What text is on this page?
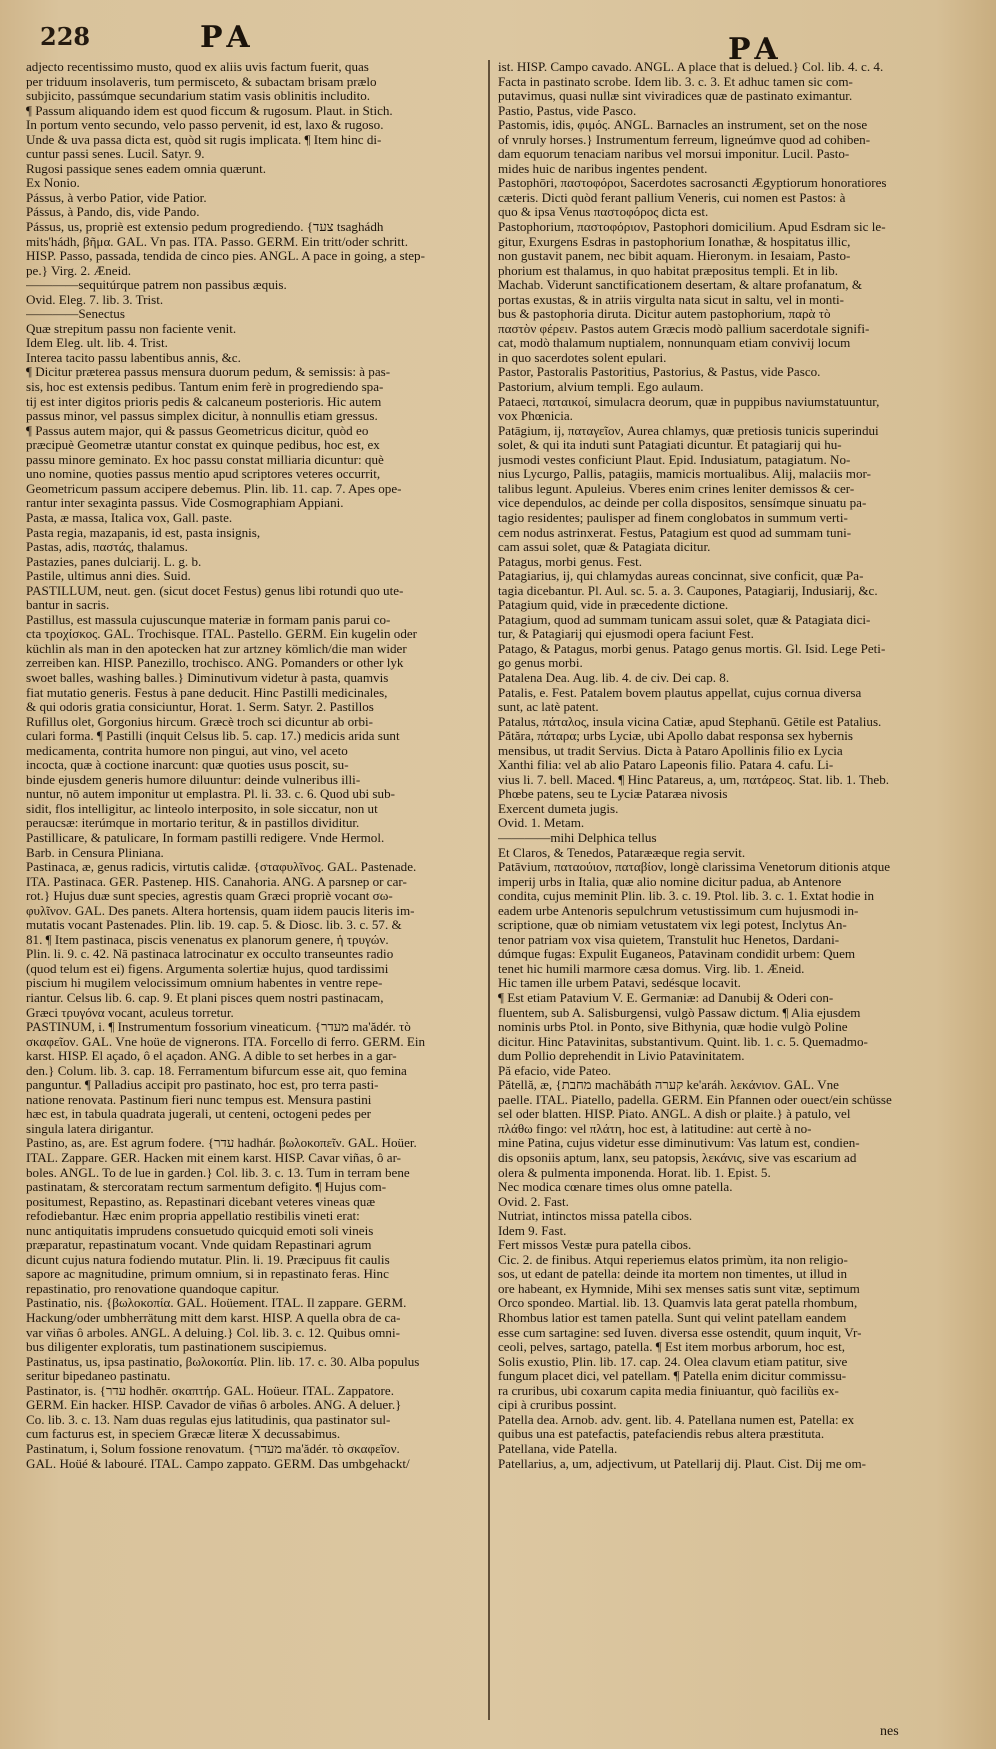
228	PA	PA
adjecto recentissimo musto, quod ex aliis uvis factum fuerit, quas
per triduum insolaveris, tum permisceto, & subactam brisam prælo
subjicito, passúmque secundarium statim vasis oblinitis includito.
¶ Passum aliquando idem est quod ficcum & rugosum. Plaut. in Stich.
In portum vento secundo, velo passo pervenit, id est, laxo & rugoso.
Unde & uva passa dicta est, quòd sit rugis implicata. ¶ Item hinc di-
cuntur passi senes. Lucil. Satyr. 9.
Rugosi passique senes eadem omnia quærunt.
Ex Nonio.
Pássus, à verbo Patior, vide Patior.
Pássus, à Pando, dis, vide Pando.
Pássus, us, propriè est extensio pedum progrediendo. {צעד tsaghádh
mits'hádh, βῆμα. GAL. Vn pas. ITA. Passo. GERM. Ein tritt/oder schritt.
HISP. Passo, passada, tendida de cinco pies. ANGL. A pace in going, a step-
pe.} Virg. 2. Æneid.
————sequitúrque patrem non passibus æquis.
Ovid. Eleg. 7. lib. 3. Trist.
————Senectus
Quæ strepitum passu non faciente venit.
Idem Eleg. ult. lib. 4. Trist.
Interea tacito passu labentibus annis, &c.
¶ Dicitur præterea passus mensura duorum pedum, & semissis: à pas-
sis, hoc est extensis pedibus. Tantum enim ferè in progrediendo spa-
tij est inter digitos prioris pedis & calcaneum posterioris. Hic autem
passus minor, vel passus simplex dicitur, à nonnullis etiam gressus.
¶ Passus autem major, qui & passus Geometricus dicitur, quòd eo
præcipuè Geometræ utantur constat ex quinque pedibus, hoc est, ex
passu minore geminato. Ex hoc passu constat milliaria dicuntur: què
uno nomine, quoties passus mentio apud scriptores veteres occurrit,
Geometricum passum accipere debemus. Plin. lib. 11. cap. 7. Apes ope-
rantur inter sexaginta passus. Vide Cosmographiam Appiani.
Pasta, æ massa, Italica vox, Gall. paste.
Pasta regia, mazapanis, id est, pasta insignis,
Pastas, adis, παστάς, thalamus.
Pastazies, panes dulciarij. L. g. b.
Pastile, ultimus anni dies. Suid.
PASTILLUM, neut. gen. (sicut docet Festus) genus libi rotundi quo ute-
bantur in sacris.
Pastillus, est massula cujuscunque materiæ in formam panis parui co-
cta τροχίσκος. GAL. Trochisque. ITAL. Pastello. GERM. Ein kugelin oder
küchlin als man in den apotecken hat zur artzney kömlich/die man wider
zerreiben kan. HISP. Panezillo, trochisco. ANG. Pomanders or other lyk
swoet balles, washing balles.} Diminutivum videtur à pasta, quamvis
fiat mutatio generis. Festus à pane deducit. Hinc Pastilli medicinales,
& qui odoris gratia consiciuntur, Horat. 1. Serm. Satyr. 2. Pastillos
Rufillus olet, Gorgonius hircum. Græcè troch sci dicuntur ab orbi-
culari forma. ¶ Pastilli (inquit Celsus lib. 5. cap. 17.) medicis arida sunt
medicamenta, contrita humore non pingui, aut vino, vel aceto
incocta, quæ à coctione inarcunt: quæ quoties usus poscit, su-
binde ejusdem generis humore diluuntur: deinde vulneribus illi-
nuntur, nō autem imponitur ut emplastra. Pl. li. 33. c. 6. Quod ubi sub-
sidit, flos intelligitur, ac linteolo interposito, in sole siccatur, non ut
peraucsæ: iterúmque in mortario teritur, & in pastillos dividitur.
Pastillicare, & patulicare, In formam pastilli redigere. Vnde Hermol.
Barb. in Censura Pliniana.
Pastinaca, æ, genus radicis, virtutis calidæ. {σταφυλῖνος. GAL. Pastenade.
ITA. Pastinaca. GER. Pastenep. HIS. Canahoria. ANG. A parsnep or car-
rot.} Hujus duæ sunt species, agrestis quam Græci propriè vocant σω-
φυλῖνον. GAL. Des panets. Altera hortensis, quam iidem paucis literis im-
mutatis vocant Pastenades. Plin. lib. 19. cap. 5. & Diosc. lib. 3. c. 57. &
81. ¶ Item pastinaca, piscis venenatus ex planorum genere, ἡ τρυγών.
Plin. li. 9. c. 42. Nā pastinaca latrocinatur ex occulto transeuntes radio
(quod telum est ei) figens. Argumenta solertiæ hujus, quod tardissimi
piscium hi mugilem velocissimum omnium habentes in ventre repe-
riantur. Celsus lib. 6. cap. 9. Et plani pisces quem nostri pastinacam,
Græci τρυγόνα vocant, aculeus torretur.
PASTINUM, i. ¶ Instrumentum fossorium vineaticum. {מעדר ma'ădér. τὸ
σκαφεῖον. GAL. Vne hoüe de vignerons. ITA. Forcello di ferro. GERM. Ein
karst. HISP. El açado, ô el açadon. ANG. A dible to set herbes in a gar-
den.} Colum. lib. 3. cap. 18. Ferramentum bifurcum esse ait, quo femina
panguntur. ¶ Palladius accipit pro pastinato, hoc est, pro terra pasti-
natione renovata. Pastinum fieri nunc tempus est. Mensura pastini
hæc est, in tabula quadrata jugerali, ut centeni, octogeni pedes per
singula latera dirigantur.
Pastino, as, are. Est agrum fodere. {עדר hadhár. βωλοκοπεῖν. GAL. Hoüer.
ITAL. Zappare. GER. Hacken mit einem karst. HISP. Cavar viñas, ô ar-
boles. ANGL. To de lue in garden.} Col. lib. 3. c. 13. Tum in terram bene
pastinatam, & stercoratam rectum sarmentum defigito. ¶ Hujus com-
positumest, Repastino, as. Repastinari dicebant veteres vineas quæ
refodiebantur. Hæc enim propria appellatio restibilis vineti erat:
nunc antiquitatis imprudens consuetudo quicquid emoti soli vineis
præparatur, repastinatum vocant. Vnde quidam Repastinari agrum
dicunt cujus natura fodiendo mutatur. Plin. li. 19. Præcipuus fit caulis
sapore ac magnitudine, primum omnium, si in repastinato feras. Hinc
repastinatio, pro renovatione quandoque capitur.
Pastinatio, nis. {βωλοκοπία. GAL. Hoüement. ITAL. Il zappare. GERM.
Hackung/oder umbherrätung mitt dem karst. HISP. A quella obra de ca-
var viñas ô arboles. ANGL. A deluing.} Col. lib. 3. c. 12. Quibus omni-
bus diligenter exploratis, tum pastinationem suscipiemus.
Pastinatus, us, ipsa pastinatio, βωλοκοπία. Plin. lib. 17. c. 30. Alba populus
seritur bipedaneo pastinatu.
Pastinator, is. {עדר hodhēr. σκαπτήρ. GAL. Hoüeur. ITAL. Zappatore.
GERM. Ein hacker. HISP. Cavador de viñas ô arboles. ANG. A deluer.}
Co. lib. 3. c. 13. Nam duas regulas ejus latitudinis, qua pastinator sul-
cum facturus est, in speciem Græcæ literæ X decussabimus.
Pastinatum, i, Solum fossione renovatum. {מעדר ma'ădér. τὸ σκαφεῖον.
GAL. Hoüé & labouré. ITAL. Campo zappato. GERM. Das umbgehackt/
ist. HISP. Campo cavado. ANGL. A place that is delued.} Col. lib. 4. c. 4.
Facta in pastinato scrobe. Idem lib. 3. c. 3. Et adhuc tamen sic com-
putavimus, quasi nullæ sint viviradices quæ de pastinato eximantur.
Pastio, Pastus, vide Pasco.
Pastomis, idis, φιμός. ANGL. Barnacles an instrument, set on the nose
of vnruly horses.} Instrumentum ferreum, ligneúmve quod ad cohiben-
dam equorum tenaciam naribus vel morsui imponitur. Lucil. Pasto-
mides huic de naribus ingentes pendent.
Pastophōri, παστοφόροι, Sacerdotes sacrosancti Ægyptiorum honoratiores
cæteris. Dicti quòd ferant pallium Veneris, cui nomen est Pastos: à
quo & ipsa Venus παστοφόρος dicta est.
Pastophorium, παστοφόριον, Pastophori domicilium. Apud Esdram sic le-
gitur, Exurgens Esdras in pastophorium Ionathæ, & hospitatus illic,
non gustavit panem, nec bibit aquam. Hieronym. in Iesaiam, Pasto-
phorium est thalamus, in quo habitat præpositus templi. Et in lib.
Machab. Viderunt sanctificationem desertam, & altare profanatum, &
portas exustas, & in atriis virgulta nata sicut in saltu, vel in monti-
bus & pastophoria diruta. Dicitur autem pastophorium, παρὰ τὸ
παστὸν φέρειν. Pastos autem Græcis modò pallium sacerdotale signifi-
cat, modò thalamum nuptialem, nonnunquam etiam conviviј locum
in quo sacerdotes solent epulari.
Pastor, Pastoralis Pastoritius, Pastorius, & Pastus, vide Pasco.
Pastorium, alvium templi. Ego aulaum.
Pataeci, παταικοί, simulacra deorum, quæ in puppibus naviumstatuuntur,
vox Phœnicia.
Patāgium, ij, παταγεῖον, Aurea chlamys, quæ pretiosis tunicis superindui
solet, & qui ita induti sunt Patagiati dicuntur. Et patagiarij qui hu-
jusmodi vestes conficiunt Plaut. Epid. Indusiatum, patagiatum. No-
nius Lycurgo, Pallis, patagiis, mamicis mortualibus. Alij, malaciis mor-
talibus legunt. Apuleius. Vberes enim crines leniter demissos & cer-
vice dependulos, ac deinde per colla dispositos, sensímque sinuatu pa-
tagio residentes; paulisper ad finem conglobatos in summum verti-
cem nodus astrinxerat. Festus, Patagium est quod ad summam tuni-
cam assui solet, quæ & Patagiata dicitur.
Patagus, morbi genus. Fest.
Patagiarius, ij, qui chlamydas aureas concinnat, sive conficit, quæ Pa-
tagia dicebantur. Pl. Aul. sc. 5. a. 3. Caupones, Patagiarij, Indusiarij, &c.
Patagium quid, vide in præcedente dictione.
Patagium, quod ad summam tunicam assui solet, quæ & Patagiata dici-
tur, & Patagiarij qui ejusmodi opera faciunt Fest.
Patago, & Patagus, morbi genus. Patago genus mortis. Gl. Isid. Lege Peti-
go genus morbi.
Patalena Dea. Aug. lib. 4. de civ. Dei cap. 8.
Patalis, e. Fest. Patalem bovem plautus appellat, cujus cornua diversa
sunt, ac latè patent.
Patalus, πάταλος, insula vicina Catiæ, apud Stephanū. Gētile est Patalius.
Pătăra, πάταρα; urbs Lyciæ, ubi Apollo dabat responsa sex hybernis
mensibus, ut tradit Servius. Dicta à Pataro Apollinis filio ex Lycia
Xanthi filia: vel ab alio Pataro Lapeonis filio. Patara 4. cafu. Li-
vius li. 7. bell. Maced. ¶ Hinc Patareus, a, um, πατάρεος. Stat. lib. 1. Theb.
Phœbe patens, seu te Lyciæ Pataræa nivosis
Exercent dumeta jugis.
Ovid. 1. Metam.
————mihi Delphica tellus
Et Claros, & Tenedos, Patarææque regia servit.
Patāvium, παταούιον, παταβίον, longè clarissima Venetorum ditionis atque
imperij urbs in Italia, quæ alio nomine dicitur padua, ab Antenore
condita, cujus meminit Plin. lib. 3. c. 19. Ptol. lib. 3. c. 1. Extat hodie in
eadem urbe Antenoris sepulchrum vetustissimum cum hujusmodi in-
scriptione, quæ ob nimiam vetustatem vix legi potest, Inclytus An-
tenor patriam vox visa quietem, Transtulit huc Henetos, Dardani-
dúmque fugas: Expulit Euganeos, Patavinam condidit urbem: Quem
tenet hic humili marmore cæsa domus. Virg. lib. 1. Æneid.
Hic tamen ille urbem Patavi, sedésque locavit.
¶ Est etiam Patavium V. E. Germaniæ: ad Danubij & Oderi con-
fluentem, sub A. Salisburgensi, vulgò Passaw dictum. ¶ Alia ejusdem
nominis urbs Ptol. in Ponto, sive Bithynia, quæ hodie vulgò Poline
dicitur. Hinc Patavinitas, substantivum. Quint. lib. 1. c. 5. Quemadmo-
dum Pollio deprehendit in Livio Patavinitatem.
Pă efacio, vide Pateo.
Pătellă, æ, {מחבת machăbáth קערה ke'aráh. λεκάνιον. GAL. Vne
paelle. ITAL. Piatello, padella. GERM. Ein Pfannen oder ouect/ein schüsse
sel oder blatten. HISP. Piato. ANGL. A dish or plaite.} à patulo, vel
πλάθω fingo: vel πλάτη, hoc est, à latitudine: aut certè à no-
mine Patina, cujus videtur esse diminutivum: Vas latum est, condien-
dis opsoniis aptum, lanx, seu patopsis, λεκάνις, sive vas escarium ad
olera & pulmenta imponenda. Horat. lib. 1. Epist. 5.
Nec modica cœnare times olus omne patella.
Ovid. 2. Fast.
Nutriat, intinctos missa patella cibos.
Idem 9. Fast.
Fert missos Vestæ pura patella cibos.
Cic. 2. de finibus. Atqui reperiemus elatos primùm, ita non religio-
sos, ut edant de patella: deinde ita mortem non timentes, ut illud in
ore habeant, ex Hymnide, Mihi sex menses satis sunt vitæ, septimum
Orco spondeo. Martial. lib. 13. Quamvis lata gerat patella rhombum,
Rhombus latior est tamen patella. Sunt qui velint patellam eandem
esse cum sartagine: sed Iuven. diversa esse ostendit, quum inquit, Vr-
ceoli, pelves, sartago, patella. ¶ Est item morbus arborum, hoc est,
Solis exustio, Plin. lib. 17. cap. 24. Olea clavum etiam patitur, sive
fungum placet dici, vel patellam. ¶ Patella enim dicitur commissu-
ra cruribus, ubi coxarum capita media finiuantur, quò faciliùs ex-
cipi à cruribus possint.
Patella dea. Arnob. adv. gent. lib. 4. Patellana numen est, Patella: ex
quibus una est patefactis, patefaciendis rebus altera præstituta.
Patellana, vide Patella.
Patellarius, a, um, adjectivum, ut Patellarij dij. Plaut. Cist. Dij me om-
nes
